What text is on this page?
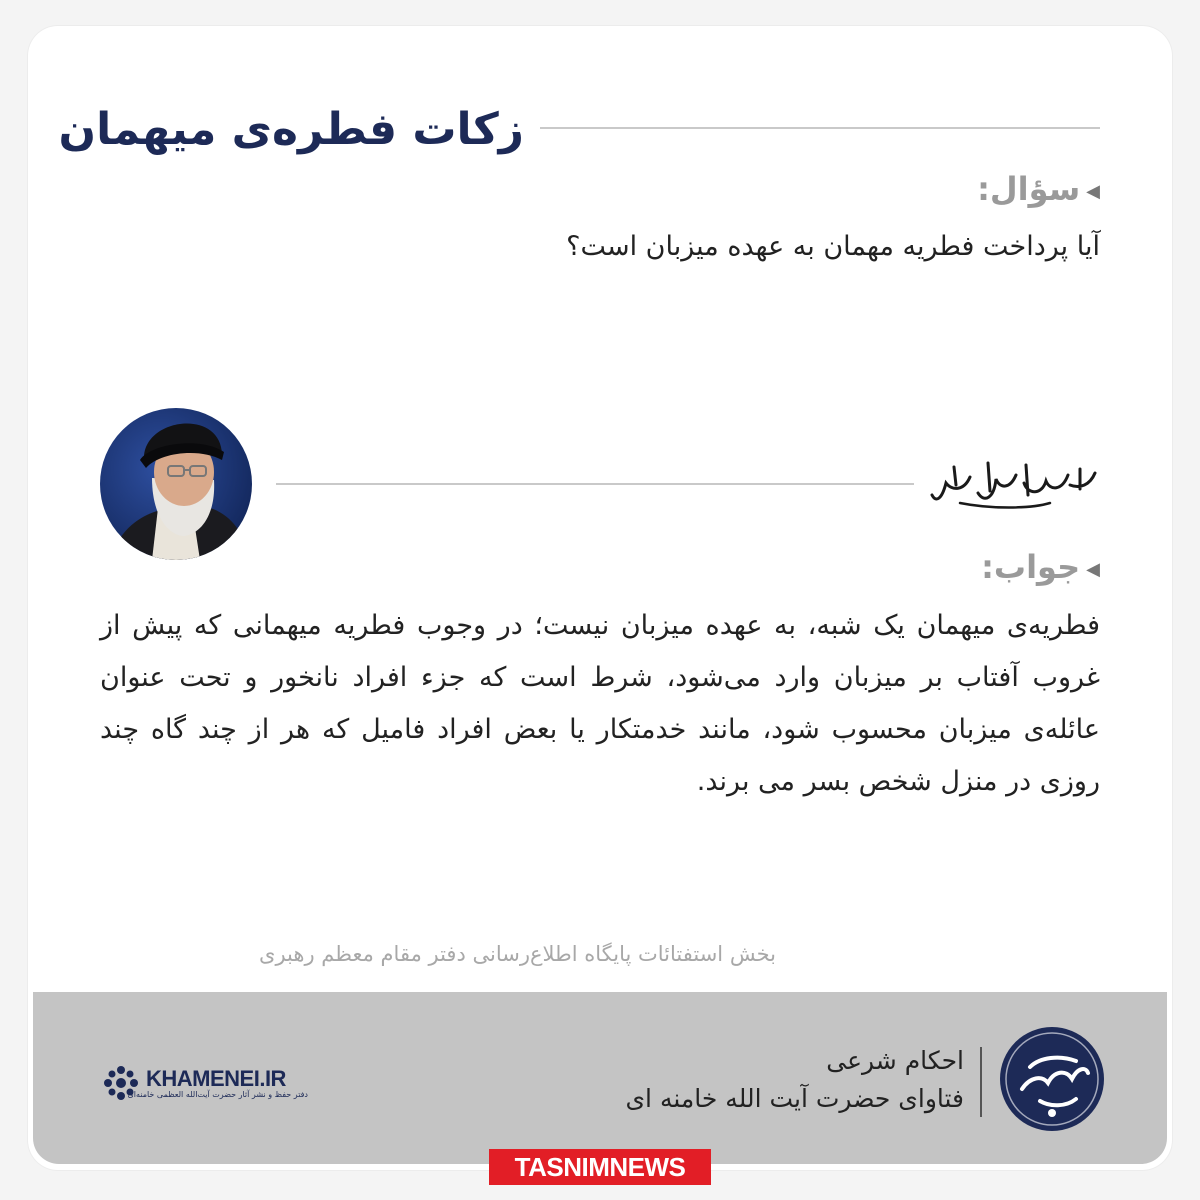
زکات فطره‌ی میهمان
◀سؤال:
آیا پرداخت فطریه مهمان به عهده میزبان است؟
◀جواب:
فطریه‌ی میهمان یک شبه، به عهده میزبان نیست؛ در وجوب فطریه میهمانی که پیش از غروب آفتاب بر میزبان وارد می‌شود، شرط است که جزء افراد نانخور و تحت عنوان عائله‌ی میزبان محسوب شود، مانند خدمتکار یا بعض افراد فامیل که هر از چند گاه چند روزی در منزل شخص بسر می برند.
بخش استفتائات پایگاه اطلاع‌رسانی دفتر مقام معظم رهبری
احکام شرعی
فتاوای حضرت آیت الله خامنه ای
KHAMENEI.IR
دفتر حفظ و نشر آثار حضرت آیت‌الله العظمی خامنه‌ای
TASNIMNEWS
